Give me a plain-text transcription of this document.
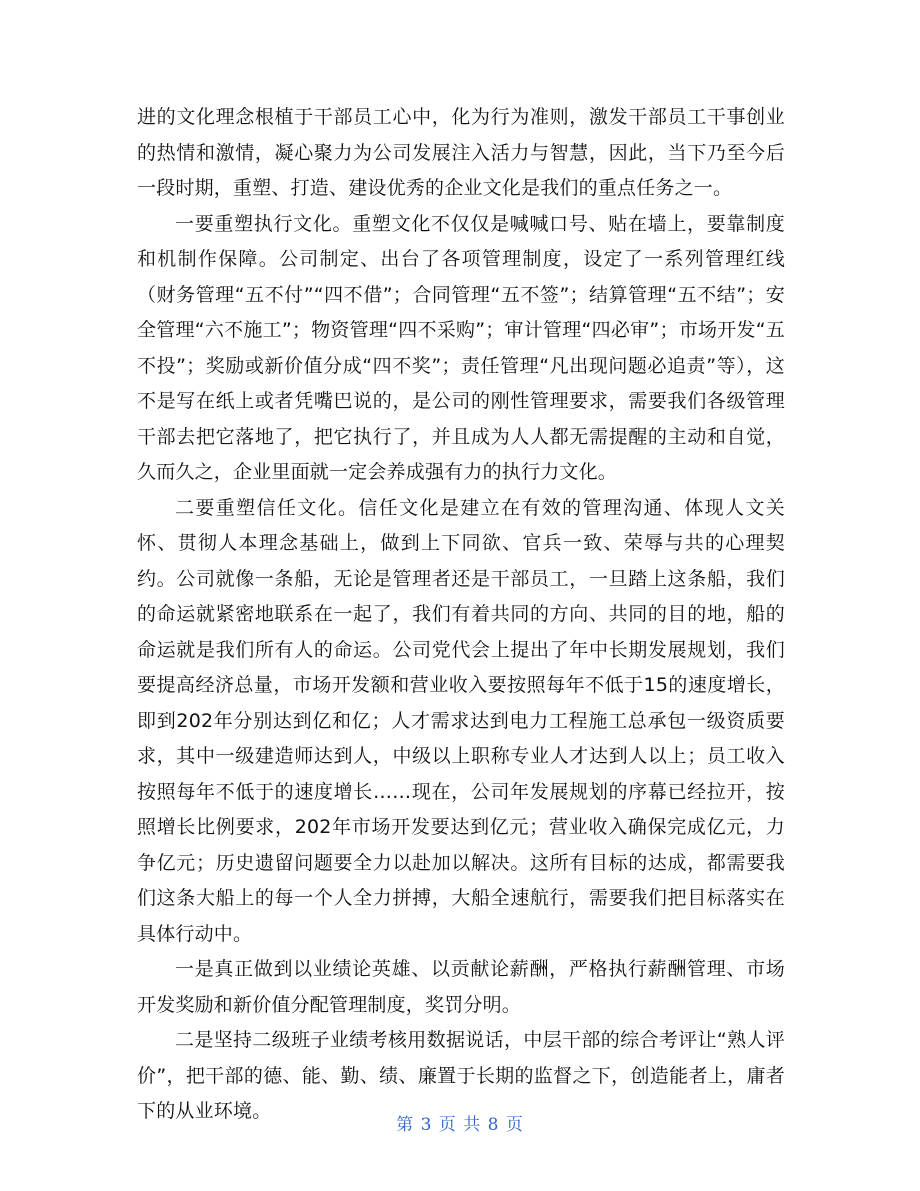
进的文化理念根植于干部员工心中，化为行为准则，激发干部员工干事创业的热情和激情，凝心聚力为公司发展注入活力与智慧，因此，当下乃至今后一段时期，重塑、打造、建设优秀的企业文化是我们的重点任务之一。

一要重塑执行文化。重塑文化不仅仅是喊喊口号、贴在墙上，要靠制度和机制作保障。公司制定、出台了各项管理制度，设定了一系列管理红线（财务管理“五不付”“四不借”；合同管理“五不签”；结算管理“五不结”；安全管理“六不施工”；物资管理“四不采购”；审计管理“四必审”；市场开发“五不投”；奖励或新价值分成“四不奖”；责任管理“凡出现问题必追责”等），这不是写在纸上或者凭嘴巴说的，是公司的刚性管理要求，需要我们各级管理干部去把它落地了，把它执行了，并且成为人人都无需提醒的主动和自觉，久而久之，企业里面就一定会养成强有力的执行力文化。

二要重塑信任文化。信任文化是建立在有效的管理沟通、体现人文关怀、贯彻人本理念基础上，做到上下同欲、官兵一致、荣辱与共的心理契约。公司就像一条船，无论是管理者还是干部员工，一旦踏上这条船，我们的命运就紧密地联系在一起了，我们有着共同的方向、共同的目的地，船的命运就是我们所有人的命运。公司党代会上提出了年中长期发展规划，我们要提高经济总量，市场开发额和营业收入要按照每年不低于15的速度增长，即到202年分别达到亿和亿；人才需求达到电力工程施工总承包一级资质要求，其中一级建造师达到人，中级以上职称专业人才达到人以上；员工收入按照每年不低于的速度增长……现在，公司年发展规划的序幕已经拉开，按照增长比例要求，202年市场开发要达到亿元；营业收入确保完成亿元，力争亿元；历史遗留问题要全力以赴加以解决。这所有目标的达成，都需要我们这条大船上的每一个人全力拼搏，大船全速航行，需要我们把目标落实在具体行动中。

一是真正做到以业绩论英雄、以贡献论薪酬，严格执行薪酬管理、市场开发奖励和新价值分配管理制度，奖罚分明。

二是坚持二级班子业绩考核用数据说话，中层干部的综合考评让“熟人评价”，把干部的德、能、勤、绩、廉置于长期的监督之下，创造能者上，庸者下的从业环境。

第 3 页 共 8 页
